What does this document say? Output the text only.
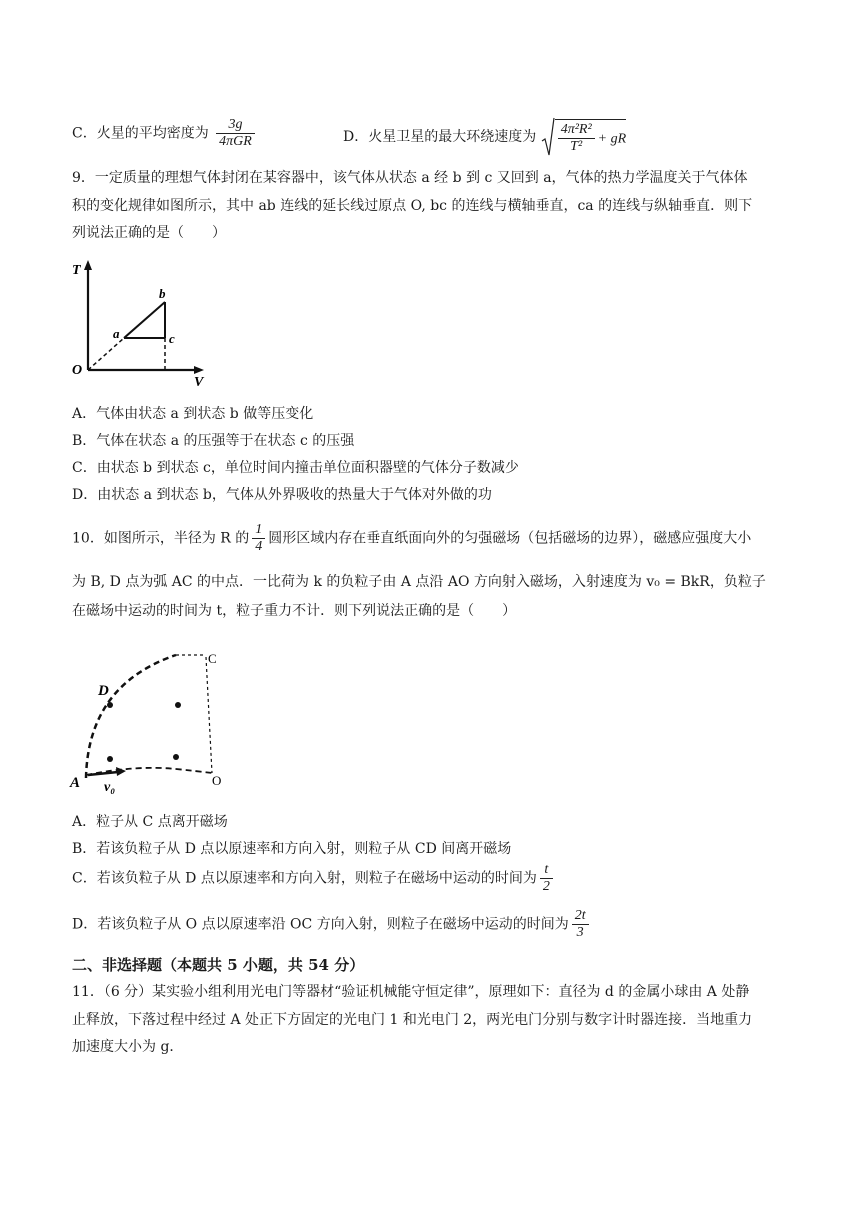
C．火星的平均密度为 $\frac{3g}{\text{4πGR}}$	D．火星卫星的最大环绕速度为 $\frac{\text{4π²R²}}{\text{T²}}$ + gR
9．一定质量的理想气体封闭在某容器中，该气体从状态 a 经 b 到 c 又回到 a，气体的热力学温度关于气体体
积的变化规律如图所示，其中 ab 连线的延长线过原点 O, bc 的连线与横轴垂直，ca 的连线与纵轴垂直．则下
列说法正确的是（　　）
T
V
O
a
b
c
A．气体由状态 a 到状态 b 做等压变化
B．气体在状态 a 的压强等于在状态 c 的压强
C．由状态 b 到状态 c，单位时间内撞击单位面积器壁的气体分子数减少
D．由状态 a 到状态 b，气体从外界吸收的热量大于气体对外做的功
10．如图所示，半径为 R 的 $\frac{1}{4}$ 圆形区域内存在垂直纸面向外的匀强磁场（包括磁场的边界），磁感应强度大小
为 B, D 点为弧 AC 的中点．一比荷为 k 的负粒子由 A 点沿 AO 方向射入磁场，入射速度为 v₀ = BkR，负粒子
在磁场中运动的时间为 t，粒子重力不计．则下列说法正确的是（　　）
C
D
A	O
v₀
A．粒子从 C 点离开磁场
B．若该负粒子从 D 点以原速率和方向入射，则粒子从 CD 间离开磁场
C．若该负粒子从 D 点以原速率和方向入射，则粒子在磁场中运动的时间为 $\frac{t}{2}$
D．若该负粒子从 O 点以原速率沿 OC 方向入射，则粒子在磁场中运动的时间为 $\frac{2t}{3}$
二、非选择题（本题共 5 小题，共 54 分）
11．（6 分）某实验小组利用光电门等器材“验证机械能守恒定律”，原理如下：直径为 d 的金属小球由 A 处静
止释放，下落过程中经过 A 处正下方固定的光电门 1 和光电门 2，两光电门分别与数字计时器连接．当地重力
加速度大小为 g．
